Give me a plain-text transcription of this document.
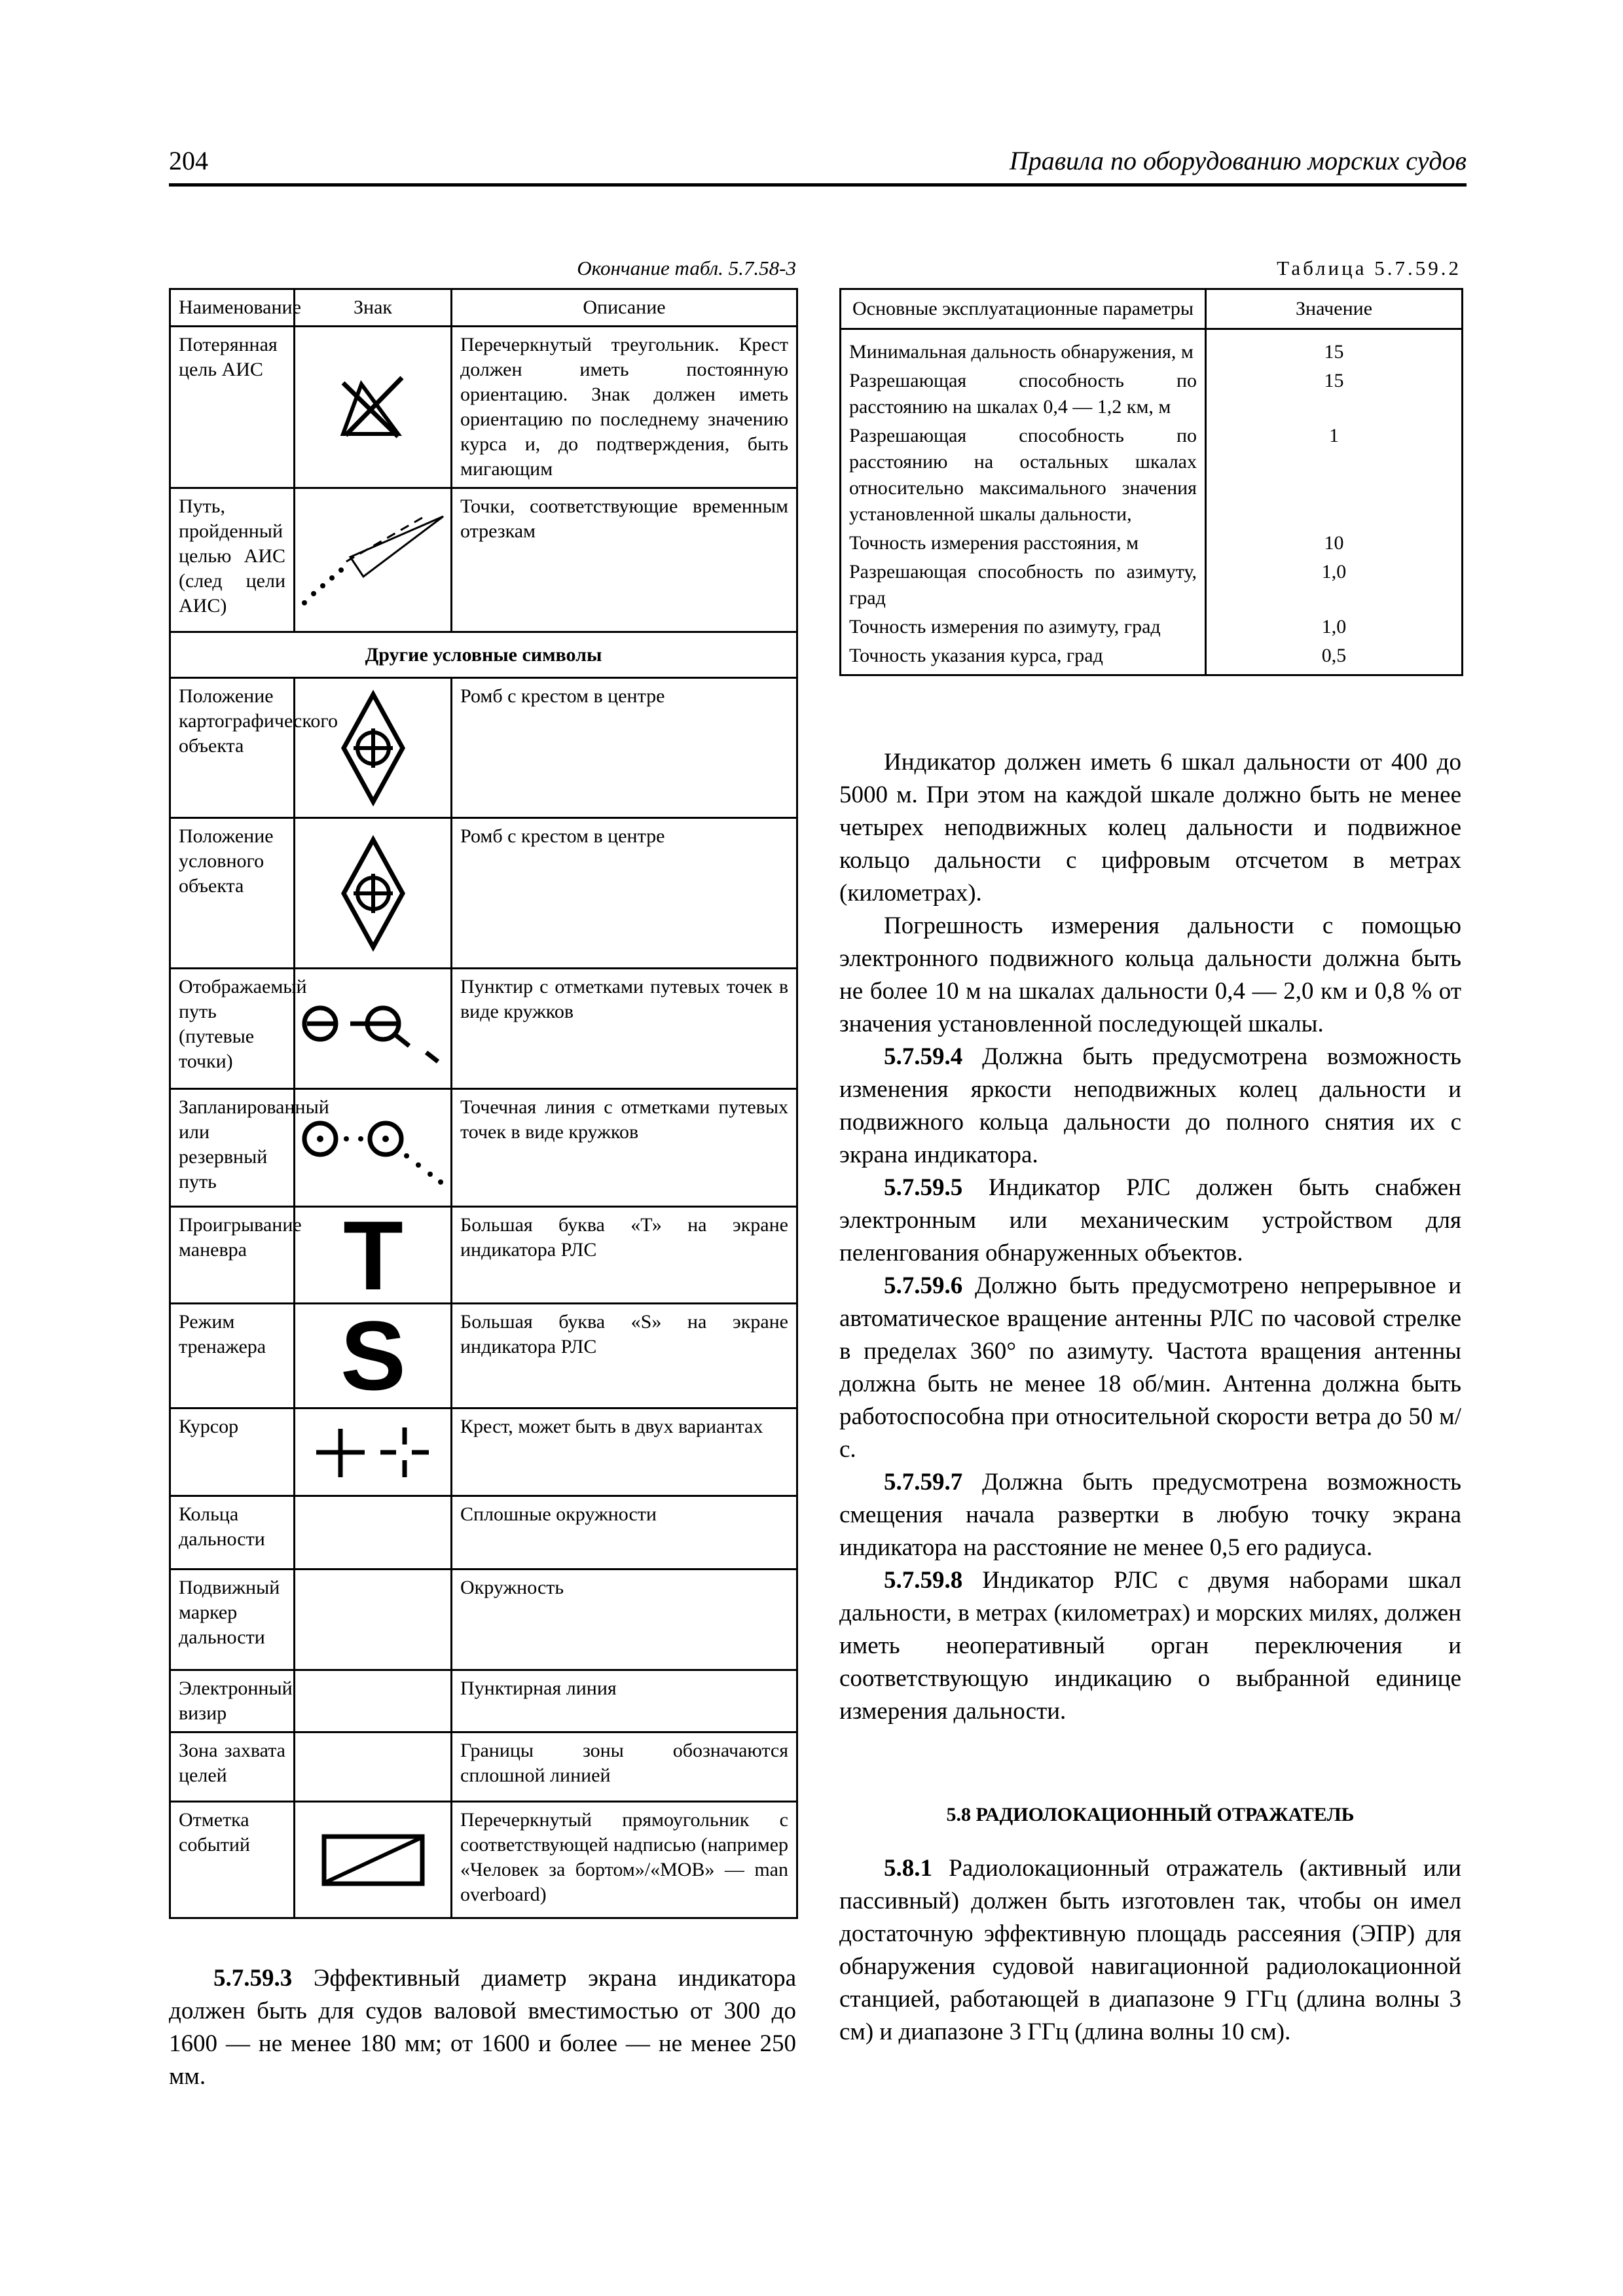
204	Правила по оборудованию морских судов
Окончание табл. 5.7.58-3	Таблица 5.7.59.2
Наименование	Знак	Описание
Потерянная цель АИС		Перечеркнутый треугольник. Крест должен иметь постоянную ориентацию. Знак должен иметь ориентацию по последнему значению курса и, до подтверждения, быть мигающим
Путь, пройденный целью АИС (след цели АИС)		Точки, соответствующие временным отрезкам
Другие условные символы		
Положение картографического объекта		Ромб с крестом в центре
Положение условного объекта		Ромб с крестом в центре
Отображаемый путь (путевые точки)		Пунктир с отметками путевых точек в виде кружков
Запланированный или резервный путь		Точечная линия с отметками путевых точек в виде кружков
Проигрывание маневра	T	Большая буква «Т» на экране индикатора РЛС
Режим тренажера	S	Большая буква «S» на экране индикатора РЛС
Курсор		Крест, может быть в двух вариантах
Кольца дальности		Сплошные окружности
Подвижный маркер дальности		Окружность
Электронный визир		Пунктирная линия
Зона захвата целей		Границы зоны обозначаются сплошной линией
Отметка событий		Перечеркнутый прямоугольник с соответствующей надписью (например «Человек за бортом»/«МОВ» — man overboard)
Основные эксплуатационные параметры	Значение
Минимальная дальность обнаружения, м	15
Разрешающая способность по расстоянию на шкалах 0,4 — 1,2 км, м	15
Разрешающая способность по расстоянию на остальных шкалах относительно максимального значения установленной шкалы дальности,	1
Точность измерения расстояния, м	10
Разрешающая способность по азимуту, град	1,0
Точность измерения по азимуту, град	1,0
Точность указания курса, град	0,5

Индикатор должен иметь 6 шкал дальности от 400 до 5000 м. При этом на каждой шкале должно быть не менее четырех неподвижных колец дальности и подвижное кольцо дальности с цифровым отсчетом в метрах (километрах).

Погрешность измерения дальности с помощью электронного подвижного кольца дальности должна быть не более 10 м на шкалах дальности 0,4 — 2,0 км и 0,8 % от значения установленной последующей шкалы.

5.7.59.4 Должна быть предусмотрена возможность изменения яркости неподвижных колец дальности и подвижного кольца дальности до полного снятия их с экрана индикатора.

5.7.59.5 Индикатор РЛС должен быть снабжен электронным или механическим устройством для пеленгования обнаруженных объектов.

5.7.59.6 Должно быть предусмотрено непрерывное и автоматическое вращение антенны РЛС по часовой стрелке в пределах 360° по азимуту. Частота вращения антенны должна быть не менее 18 об/мин. Антенна должна быть работоспособна при относительной скорости ветра до 50 м/с.

5.7.59.7 Должна быть предусмотрена возможность смещения начала развертки в любую точку экрана индикатора на расстояние не менее 0,5 его радиуса.

5.7.59.8 Индикатор РЛС с двумя наборами шкал дальности, в метрах (километрах) и морских милях, должен иметь неоперативный орган переключения и соответствующую индикацию о выбранной единице измерения дальности.

5.8 РАДИОЛОКАЦИОННЫЙ ОТРАЖАТЕЛЬ

5.8.1 Радиолокационный отражатель (активный или пассивный) должен быть изготовлен так, чтобы он имел достаточную эффективную площадь рассеяния (ЭПР) для обнаружения судовой навигационной радиолокационной станцией, работающей в диапазоне 9 ГГц (длина волны 3 см) и диапазоне 3 ГГц (длина волны 10 см).

5.7.59.3 Эффективный диаметр экрана индикатора должен быть для судов валовой вместимостью от 300 до 1600 — не менее 180 мм; от 1600 и более — не менее 250 мм.
